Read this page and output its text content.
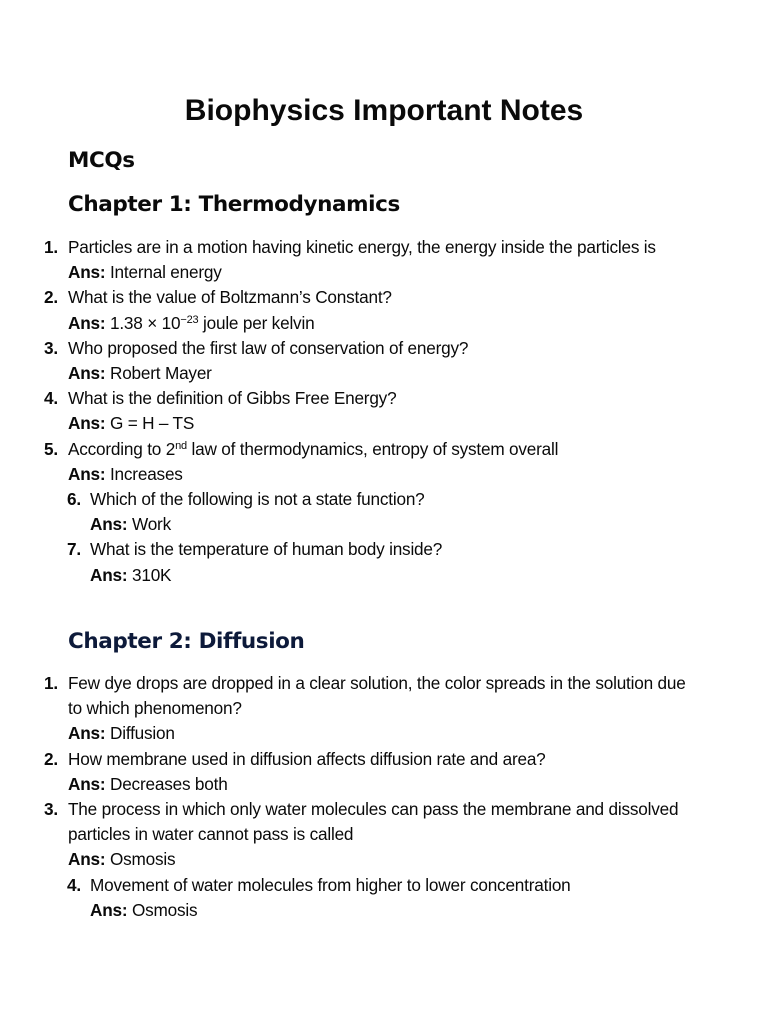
Biophysics Important Notes
MCQs
Chapter 1: Thermodynamics
1. Particles are in a motion having kinetic energy, the energy inside the particles is
Ans: Internal energy
2. What is the value of Boltzmann’s Constant?
Ans: $1.38 \times 10^{-23}$ joule per kelvin
3. Who proposed the first law of conservation of energy?
Ans: Robert Mayer
4. What is the definition of Gibbs Free Energy?
Ans: G = H – TS
5. According to 2nd law of thermodynamics, entropy of system overall
Ans: Increases
6. Which of the following is not a state function?
Ans: Work
7. What is the temperature of human body inside?
Ans: 310K
Chapter 2: Diffusion
1. Few dye drops are dropped in a clear solution, the color spreads in the solution due to which phenomenon?
Ans: Diffusion
2. How membrane used in diffusion affects diffusion rate and area?
Ans: Decreases both
3. The process in which only water molecules can pass the membrane and dissolved particles in water cannot pass is called
Ans: Osmosis
4. Movement of water molecules from higher to lower concentration
Ans: Osmosis
